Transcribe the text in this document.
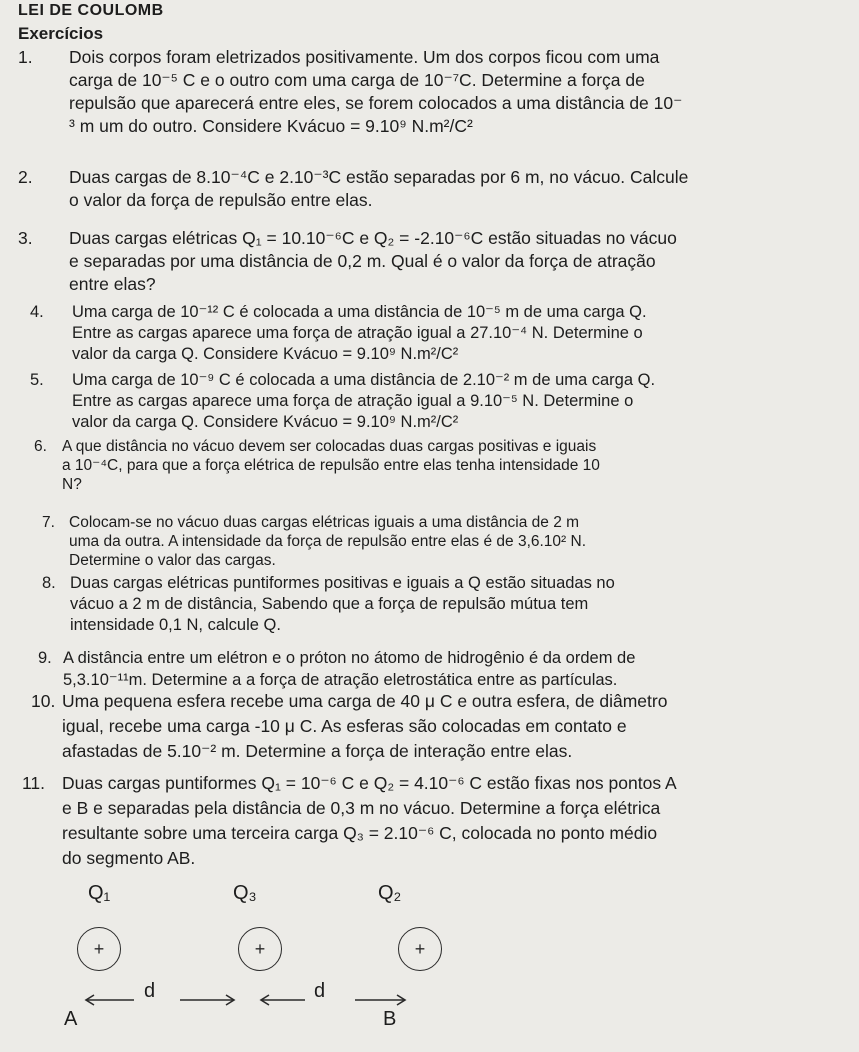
LEI DE COULOMB
Exercícios
1. Dois corpos foram eletrizados positivamente. Um dos corpos ficou com uma
carga de 10⁻⁵ C e o outro com uma carga de 10⁻⁷C. Determine a força de
repulsão que aparecerá entre eles, se forem colocados a uma distância de 10⁻
³ m um do outro. Considere Kvácuo = 9.10⁹ N.m²/C²
2. Duas cargas de 8.10⁻⁴C e 2.10⁻³C estão separadas por 6 m, no vácuo. Calcule
o valor da força de repulsão entre elas.
3. Duas cargas elétricas Q₁ = 10.10⁻⁶C e Q₂ = -2.10⁻⁶C estão situadas no vácuo
e separadas por uma distância de 0,2 m. Qual é o valor da força de atração
entre elas?
4. Uma carga de 10⁻¹² C é colocada a uma distância de 10⁻⁵ m de uma carga Q.
Entre as cargas aparece uma força de atração igual a 27.10⁻⁴ N. Determine o
valor da carga Q. Considere Kvácuo = 9.10⁹ N.m²/C²
5. Uma carga de 10⁻⁹ C é colocada a uma distância de 2.10⁻² m de uma carga Q.
Entre as cargas aparece uma força de atração igual a 9.10⁻⁵ N. Determine o
valor da carga Q. Considere Kvácuo = 9.10⁹ N.m²/C²
6. A que distância no vácuo devem ser colocadas duas cargas positivas e iguais
a 10⁻⁴C, para que a força elétrica de repulsão entre elas tenha intensidade 10
N?
7. Colocam-se no vácuo duas cargas elétricas iguais a uma distância de 2 m
uma da outra. A intensidade da força de repulsão entre elas é de 3,6.10² N.
Determine o valor das cargas.
8. Duas cargas elétricas puntiformes positivas e iguais a Q estão situadas no
vácuo a 2 m de distância, Sabendo que a força de repulsão mútua tem
intensidade 0,1 N, calcule Q.
9. A distância entre um elétron e o próton no átomo de hidrogênio é da ordem de
5,3.10⁻¹¹m. Determine a a força de atração eletrostática entre as partículas.
10. Uma pequena esfera recebe uma carga de 40 μ C e outra esfera, de diâmetro
igual, recebe uma carga -10 μ C. As esferas são colocadas em contato e
afastadas de 5.10⁻² m. Determine a força de interação entre elas.
11. Duas cargas puntiformes Q₁ = 10⁻⁶ C e Q₂ = 4.10⁻⁶ C estão fixas nos pontos A
e B e separadas pela distância de 0,3 m no vácuo. Determine a força elétrica
resultante sobre uma terceira carga Q₃ = 2.10⁻⁶ C, colocada no ponto médio
do segmento AB.
Q₁	Q₃	Q₂
+	+	+
d	d
A	B
